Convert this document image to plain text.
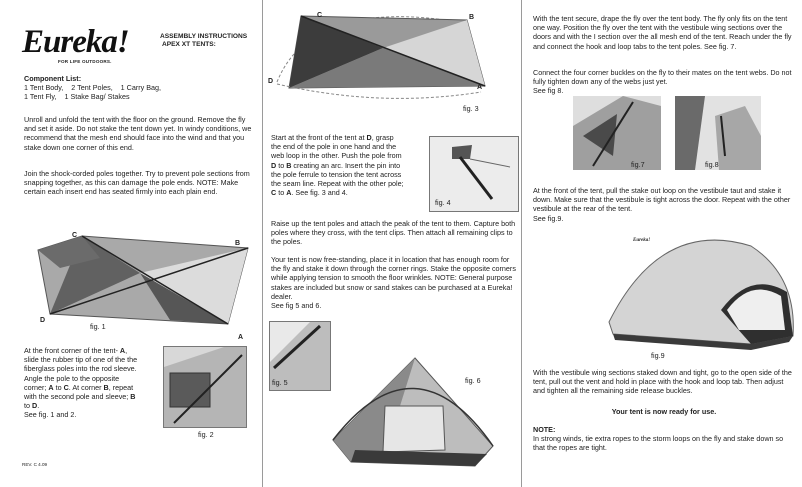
Eureka!
FOR LIFE OUTDOORS.
ASSEMBLY INSTRUCTIONS
APEX XT TENTS:
Component List:
1 Tent Body,    2 Tent Poles,    1 Carry Bag,
1 Tent Fly,    1 Stake Bag/ Stakes

Unroll and unfold the tent with the floor on the ground. Remove the fly and set it aside. Do not stake the tent down yet. In windy conditions, we recommend that the mesh end should face into the wind and that you stake down one corner of this end.

Join the shock-corded poles together. Try to prevent pole sections from snapping together, as this can damage the pole ends. NOTE: Make certain each insert end has seated firmly into each plain end.

C
B
D
A
fig. 1
At the front corner of the tent- A,
slide the rubber tip of one of the the
fiberglass poles into the rod sleeve.
Angle the pole to the opposite
corner; A to C. At corner B, repeat
with the second pole and sleeve; B
to D.
See fig. 1 and 2.
fig. 2
REV. C 4.09
C	B
D
A
fig. 3
Start at the front of the tent at D, grasp
the end of the pole in one hand and the
web loop in the other. Push the pole from
D to B creating an arc. Insert the pin into
the pole ferrule to tension the tent across
the seam line. Repeat with the other pole;
C to A. See fig. 3 and 4.
fig. 4

Raise up the tent poles and attach the peak of the tent to them. Capture both poles where they cross, with the tent clips. Then attach all remaining clips to the poles.

Your tent is now free-standing, place it in location that has enough room for the fly and stake it down through the corner rings. Stake the opposite corners while applying tension to smooth the floor wrinkles. NOTE: General purpose stakes are included but snow or sand stakes can be purchased at a Eureka! dealer.
See fig 5 and 6.

fig. 5	fig. 6

With the tent secure, drape the fly over the tent body. The fly only fits on the tent one way. Position the fly over the tent with the vestibule wing sections over the doors and with the I section over the all mesh end of the tent. Reach under the fly and connect the hook and loop tabs to the tent poles. See fig. 7.

Connect the four corner buckles on the fly to their mates on the tent webs. Do not fully tighten down any of the webs just yet.
See fig 8.

fig.7	fig.8

At the front of the tent, pull the stake out loop on the vestibule taut and stake it down. Make sure that the vestibule is tight across the door. Repeat with the other vestibule at the rear of the tent.
See fig.9.

Eureka!
fig.9

With the vestibule wing sections staked down and tight, go to the open side of the tent, pull out the vent and hold in place with the hook and loop tab. Then adjust and tighten all the remaining side release buckles.

Your tent is now ready for use.
NOTE:

In strong winds, tie extra ropes to the storm loops on the fly and stake down so that the ropes are tight.
